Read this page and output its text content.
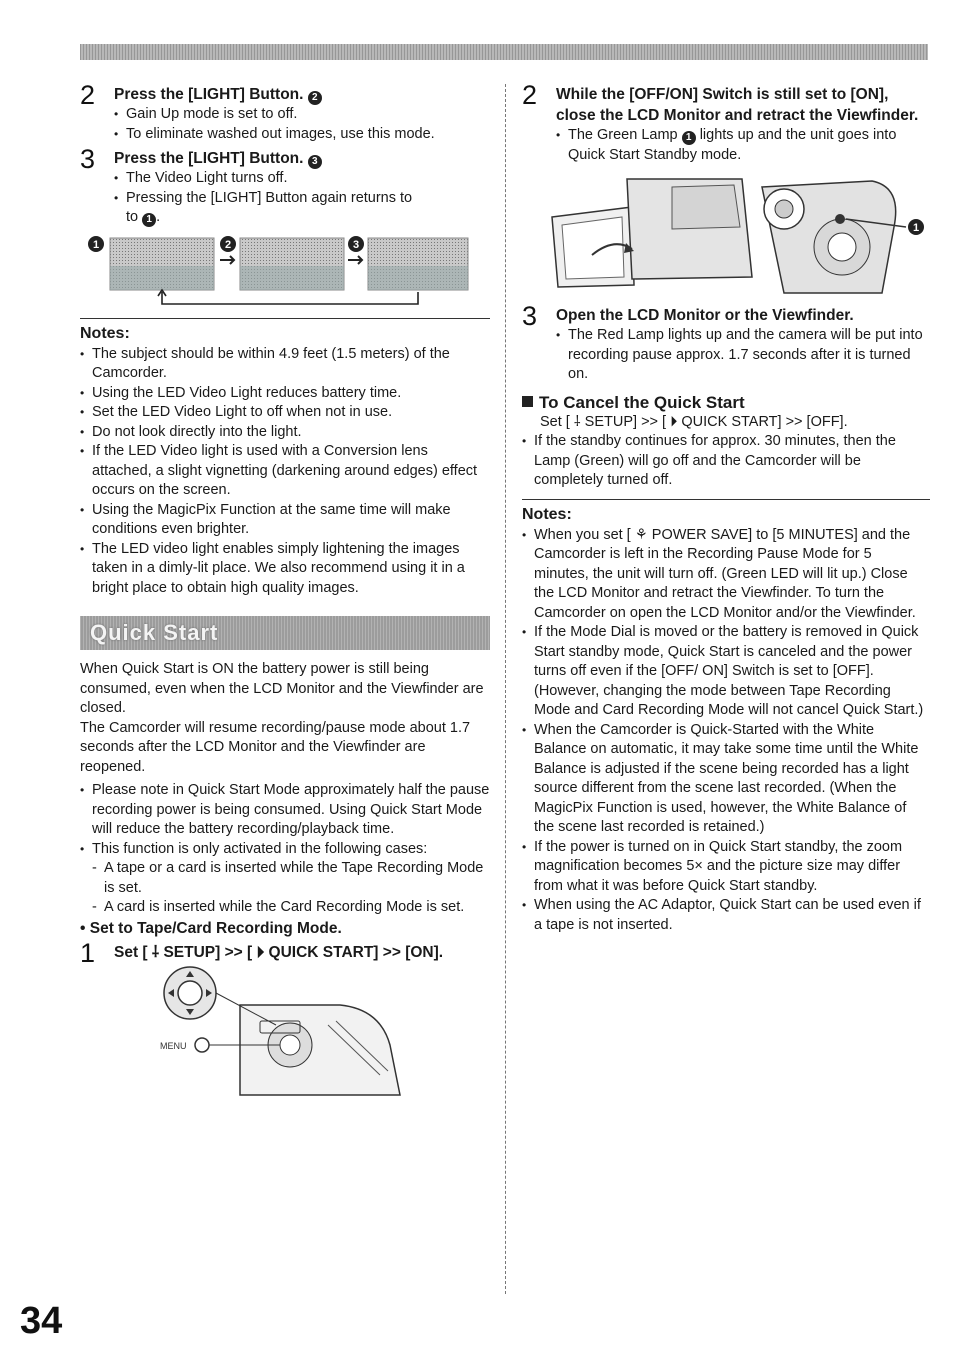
2 Press the [LIGHT] Button. 2
• Gain Up mode is set to off.
• To eliminate washed out images, use this mode.
3 Press the [LIGHT] Button. 3
• The Video Light turns off.
• Pressing the [LIGHT] Button again returns to
to 1 .
1	2	3
Notes:
• The subject should be within 4.9 feet (1.5 meters) of the Camcorder.
• Using the LED Video Light reduces battery time.
• Set the LED Video Light to off when not in use.
• Do not look directly into the light.
• If the LED Video light is used with a Conversion lens attached, a slight vignetting (darkening around edges) effect occurs on the screen.
• Using the MagicPix Function at the same time will make conditions even brighter.
• The LED video light enables simply lightening the images taken in a dimly-lit place. We also recommend using it in a bright place to obtain high quality images.
Quick Start

When Quick Start is ON the battery power is still being consumed, even when the LCD Monitor and the Viewfinder are closed.

The Camcorder will resume recording/pause mode about 1.7 seconds after the LCD Monitor and the Viewfinder are reopened.

• Please note in Quick Start Mode approximately half the pause recording power is being consumed. Using Quick Start Mode will reduce the battery recording/playback time.
• This function is only activated in the following cases:
- A tape or a card is inserted while the Tape Recording Mode is set.
- A card is inserted while the Card Recording Mode is set.
• Set to Tape/Card Recording Mode.
1 Set [ ⸸ SETUP] >> [ ⏵ QUICK START] >> [ON].
MENU
2 While the [OFF/ON] Switch is still set to [ON], close the LCD Monitor and retract the Viewfinder.
• The Green Lamp 1 lights up and the unit goes into Quick Start Standby mode.
1
3 Open the LCD Monitor or the Viewfinder.
• The Red Lamp lights up and the camera will be put into recording pause approx. 1.7 seconds after it is turned on.
To Cancel the Quick Start
Set [ ⸸ SETUP] >> [ ⏵ QUICK START] >> [OFF].
• If the standby continues for approx. 30 minutes, then the Lamp (Green) will go off and the Camcorder will be completely turned off.
Notes:
• When you set [ ⚘ POWER SAVE] to [5 MINUTES] and the Camcorder is left in the Recording Pause Mode for 5 minutes, the unit will turn off. (Green LED will lit up.) Close the LCD Monitor and retract the Viewfinder. To turn the Camcorder on open the LCD Monitor and/or the Viewfinder.
• If the Mode Dial is moved or the battery is removed in Quick Start standby mode, Quick Start is canceled and the power turns off even if the [OFF/ ON] Switch is set to [OFF]. (However, changing the mode between Tape Recording Mode and Card Recording Mode will not cancel Quick Start.)
• When the Camcorder is Quick-Started with the White Balance on automatic, it may take some time until the White Balance is adjusted if the scene being recorded has a light source different from the scene last recorded. (When the MagicPix Function is used, however, the White Balance of the scene last recorded is retained.)
• If the power is turned on in Quick Start standby, the zoom magnification becomes 5× and the picture size may differ from what it was before Quick Start standby.
• When using the AC Adaptor, Quick Start can be used even if a tape is not inserted.
34
